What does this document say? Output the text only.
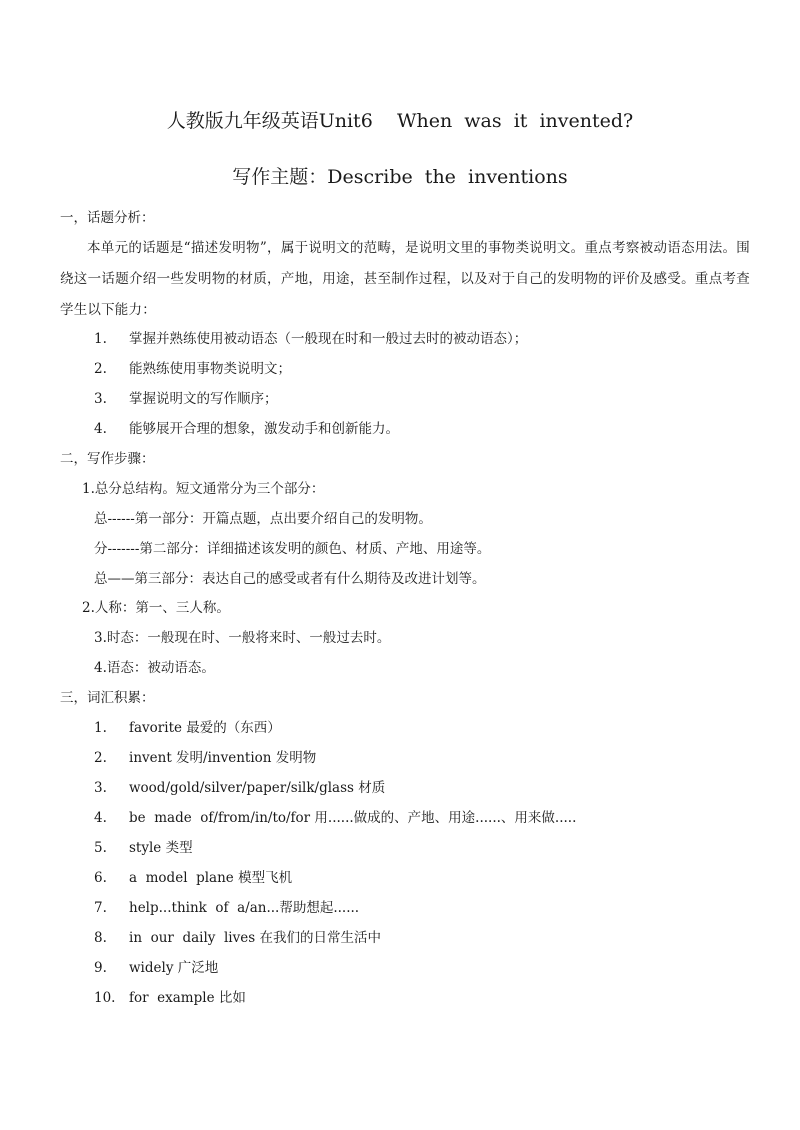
人教版九年级英语Unit6    When  was  it  invented?
写作主题：Describe  the  inventions
一，话题分析：
本单元的话题是“描述发明物”，属于说明文的范畴，是说明文里的事物类说明文。重点考察被动语态用法。围绕这一话题介绍一些发明物的材质，产地，用途，甚至制作过程，以及对于自己的发明物的评价及感受。重点考查学生以下能力：
1. 掌握并熟练使用被动语态（一般现在时和一般过去时的被动语态）；
2. 能熟练使用事物类说明文；
3. 掌握说明文的写作顺序；
4. 能够展开合理的想象，激发动手和创新能力。
二，写作步骤：
1.总分总结构。短文通常分为三个部分：
总------第一部分：开篇点题，点出要介绍自己的发明物。
分-------第二部分：详细描述该发明的颜色、材质、产地、用途等。
总——第三部分：表达自己的感受或者有什么期待及改进计划等。
2.人称：第一、三人称。
3.时态：一般现在时、一般将来时、一般过去时。
4.语态：被动语态。
三，词汇积累：
1. favorite 最爱的（东西）
2. invent 发明/invention 发明物
3. wood/gold/silver/paper/silk/glass 材质
4. be  made  of/from/in/to/for 用......做成的、产地、用途......、用来做.....
5. style 类型
6. a  model  plane 模型飞机
7. help...think  of  a/an...帮助想起......
8. in  our  daily  lives 在我们的日常生活中
9. widely 广泛地
10. for  example 比如
